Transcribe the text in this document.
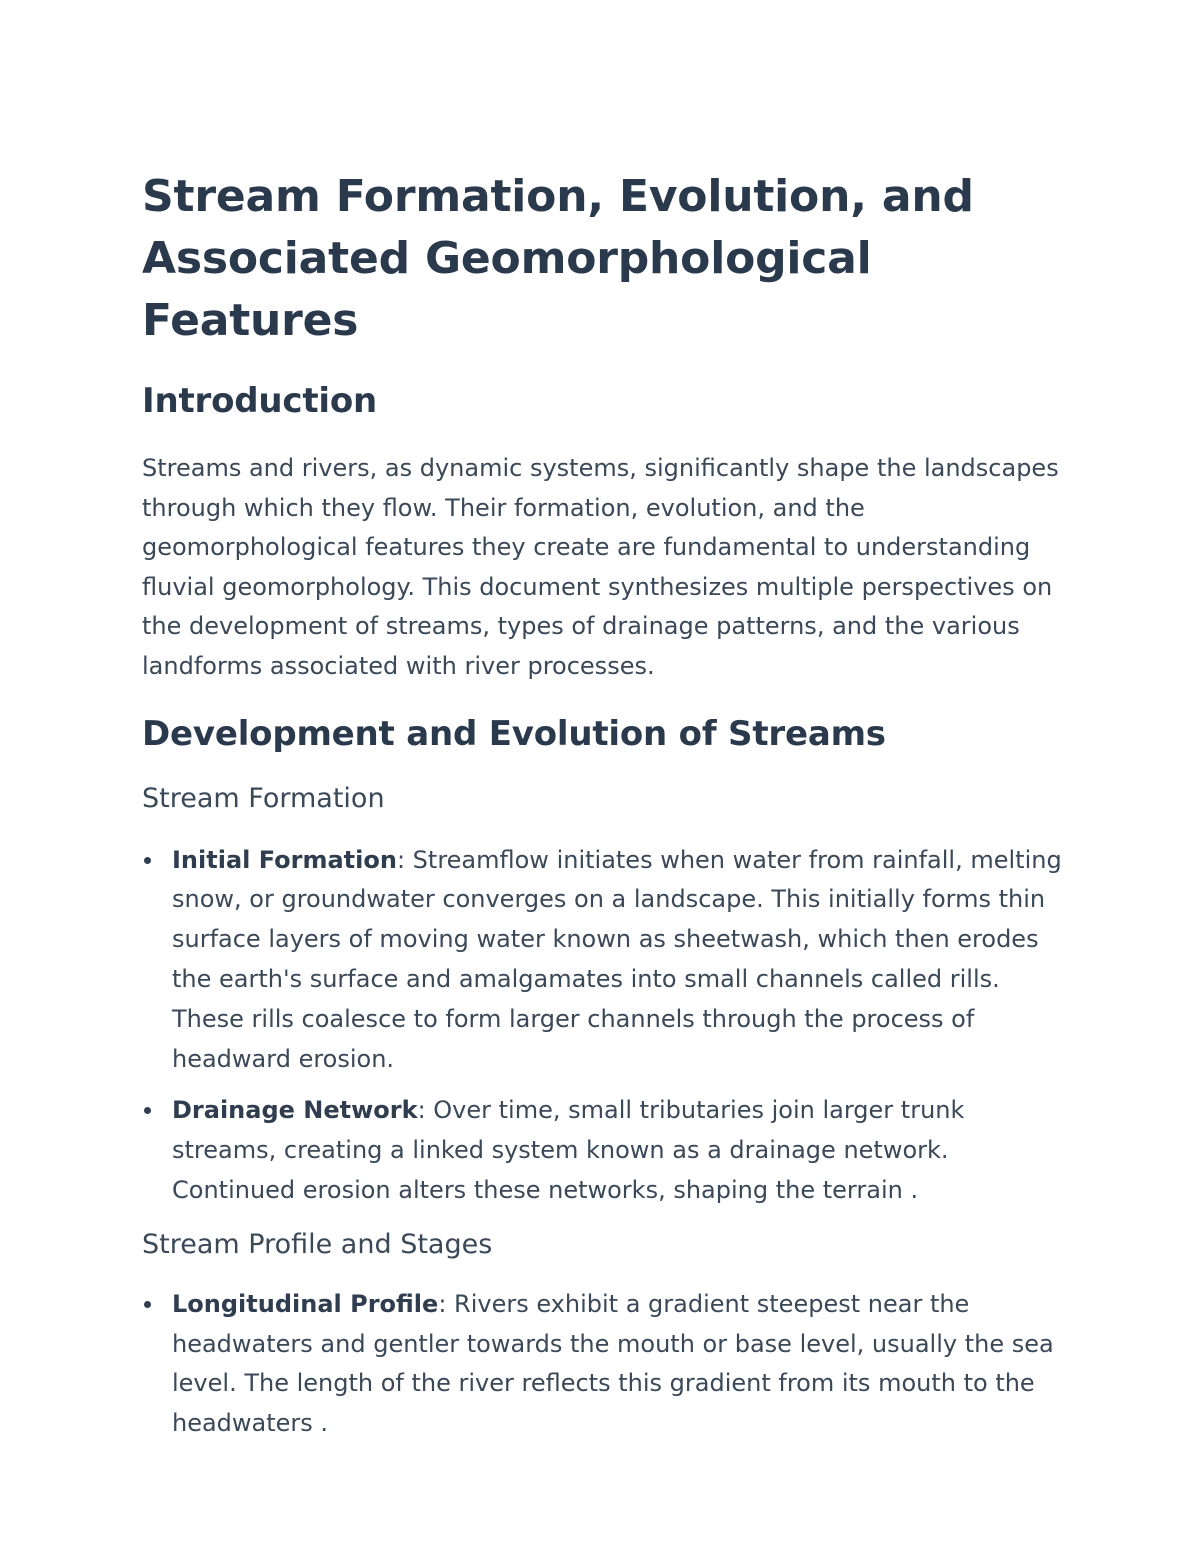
Stream Formation, Evolution, and Associated Geomorphological Features
Introduction

Streams and rivers, as dynamic systems, significantly shape the landscapes through which they flow. Their formation, evolution, and the geomorphological features they create are fundamental to understanding fluvial geomorphology. This document synthesizes multiple perspectives on the development of streams, types of drainage patterns, and the various landforms associated with river processes.

Development and Evolution of Streams
Stream Formation
Initial Formation: Streamflow initiates when water from rainfall, melting snow, or groundwater converges on a landscape. This initially forms thin surface layers of moving water known as sheetwash, which then erodes the earth's surface and amalgamates into small channels called rills. These rills coalesce to form larger channels through the process of headward erosion.
Drainage Network: Over time, small tributaries join larger trunk streams, creating a linked system known as a drainage network. Continued erosion alters these networks, shaping the terrain .
Stream Profile and Stages
Longitudinal Profile: Rivers exhibit a gradient steepest near the headwaters and gentler towards the mouth or base level, usually the sea level. The length of the river reflects this gradient from its mouth to the headwaters .
